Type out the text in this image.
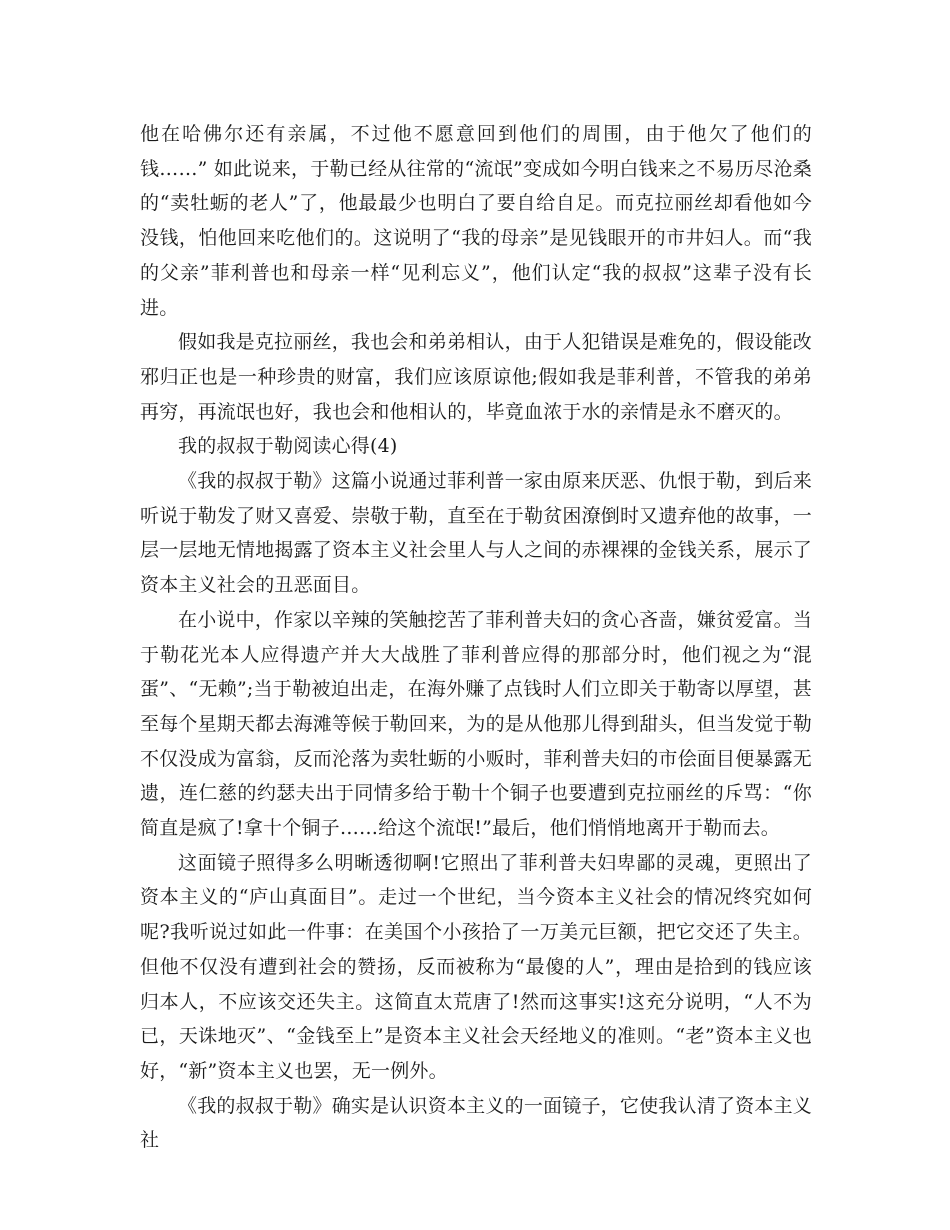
他在哈佛尔还有亲属，不过他不愿意回到他们的周围，由于他欠了他们的钱……” 如此说来，于勒已经从往常的“流氓”变成如今明白钱来之不易历尽沧桑的“卖牡蛎的老人”了，他最最少也明白了要自给自足。而克拉丽丝却看他如今没钱，怕他回来吃他们的。这说明了“我的母亲”是见钱眼开的市井妇人。而“我的父亲”菲利普也和母亲一样“见利忘义”，他们认定“我的叔叔”这辈子没有长进。

假如我是克拉丽丝，我也会和弟弟相认，由于人犯错误是难免的，假设能改邪归正也是一种珍贵的财富，我们应该原谅他;假如我是菲利普，不管我的弟弟再穷，再流氓也好，我也会和他相认的，毕竟血浓于水的亲情是永不磨灭的。

我的叔叔于勒阅读心得(4)

《我的叔叔于勒》这篇小说通过菲利普一家由原来厌恶、仇恨于勒，到后来听说于勒发了财又喜爱、崇敬于勒，直至在于勒贫困潦倒时又遗弃他的故事，一层一层地无情地揭露了资本主义社会里人与人之间的赤裸裸的金钱关系，展示了资本主义社会的丑恶面目。

在小说中，作家以辛辣的笑触挖苦了菲利普夫妇的贪心吝啬，嫌贫爱富。当于勒花光本人应得遗产并大大战胜了菲利普应得的那部分时，他们视之为“混蛋”、“无赖”;当于勒被迫出走，在海外赚了点钱时人们立即关于勒寄以厚望，甚至每个星期天都去海滩等候于勒回来，为的是从他那儿得到甜头，但当发觉于勒不仅没成为富翁，反而沦落为卖牡蛎的小贩时，菲利普夫妇的市侩面目便暴露无遗，连仁慈的约瑟夫出于同情多给于勒十个铜子也要遭到克拉丽丝的斥骂：“你简直是疯了!拿十个铜子……给这个流氓!”最后，他们悄悄地离开于勒而去。

这面镜子照得多么明晰透彻啊!它照出了菲利普夫妇卑鄙的灵魂，更照出了资本主义的“庐山真面目”。走过一个世纪，当今资本主义社会的情况终究如何呢?我听说过如此一件事：在美国个小孩拾了一万美元巨额，把它交还了失主。但他不仅没有遭到社会的赞扬，反而被称为“最傻的人”，理由是拾到的钱应该归本人，不应该交还失主。这简直太荒唐了!然而这事实!这充分说明，“人不为已，天诛地灭”、“金钱至上”是资本主义社会天经地义的准则。“老”资本主义也好，“新”资本主义也罢，无一例外。

《我的叔叔于勒》确实是认识资本主义的一面镜子，它使我认清了资本主义社
